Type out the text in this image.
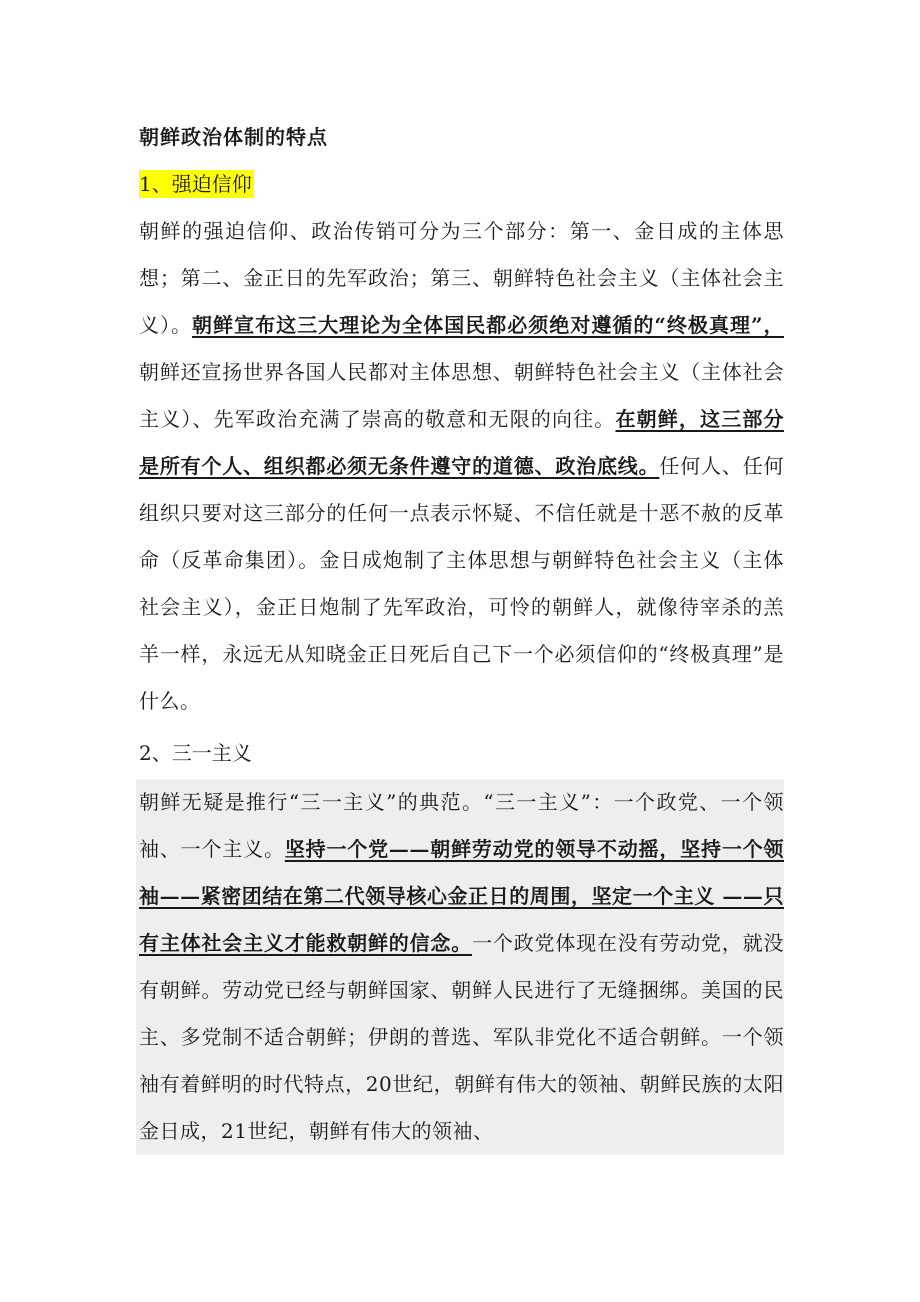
朝鲜政治体制的特点

1、强迫信仰

朝鲜的强迫信仰、政治传销可分为三个部分：第一、金日成的主体思想；第二、金正日的先军政治；第三、朝鲜特色社会主义（主体社会主义）。朝鲜宣布这三大理论为全体国民都必须绝对遵循的“终极真理”，朝鲜还宣扬世界各国人民都对主体思想、朝鲜特色社会主义（主体社会主义）、先军政治充满了崇高的敬意和无限的向往。在朝鲜，这三部分是所有个人、组织都必须无条件遵守的道德、政治底线。任何人、任何组织只要对这三部分的任何一点表示怀疑、不信任就是十恶不赦的反革命（反革命集团）。金日成炮制了主体思想与朝鲜特色社会主义（主体社会主义），金正日炮制了先军政治，可怜的朝鲜人，就像待宰杀的羔羊一样，永远无从知晓金正日死后自己下一个必须信仰的“终极真理”是什么。

2、三一主义

朝鲜无疑是推行“三一主义”的典范。“三一主义”：一个政党、一个领袖、一个主义。坚持一个党——朝鲜劳动党的领导不动摇，坚持一个领袖——紧密团结在第二代领导核心金正日的周围，坚定一个主义 ——只有主体社会主义才能救朝鲜的信念。一个政党体现在没有劳动党，就没有朝鲜。劳动党已经与朝鲜国家、朝鲜人民进行了无缝捆绑。美国的民主、多党制不适合朝鲜；伊朗的普选、军队非党化不适合朝鲜。一个领袖有着鲜明的时代特点，20世纪，朝鲜有伟大的领袖、朝鲜民族的太阳金日成，21世纪，朝鲜有伟大的领袖、
